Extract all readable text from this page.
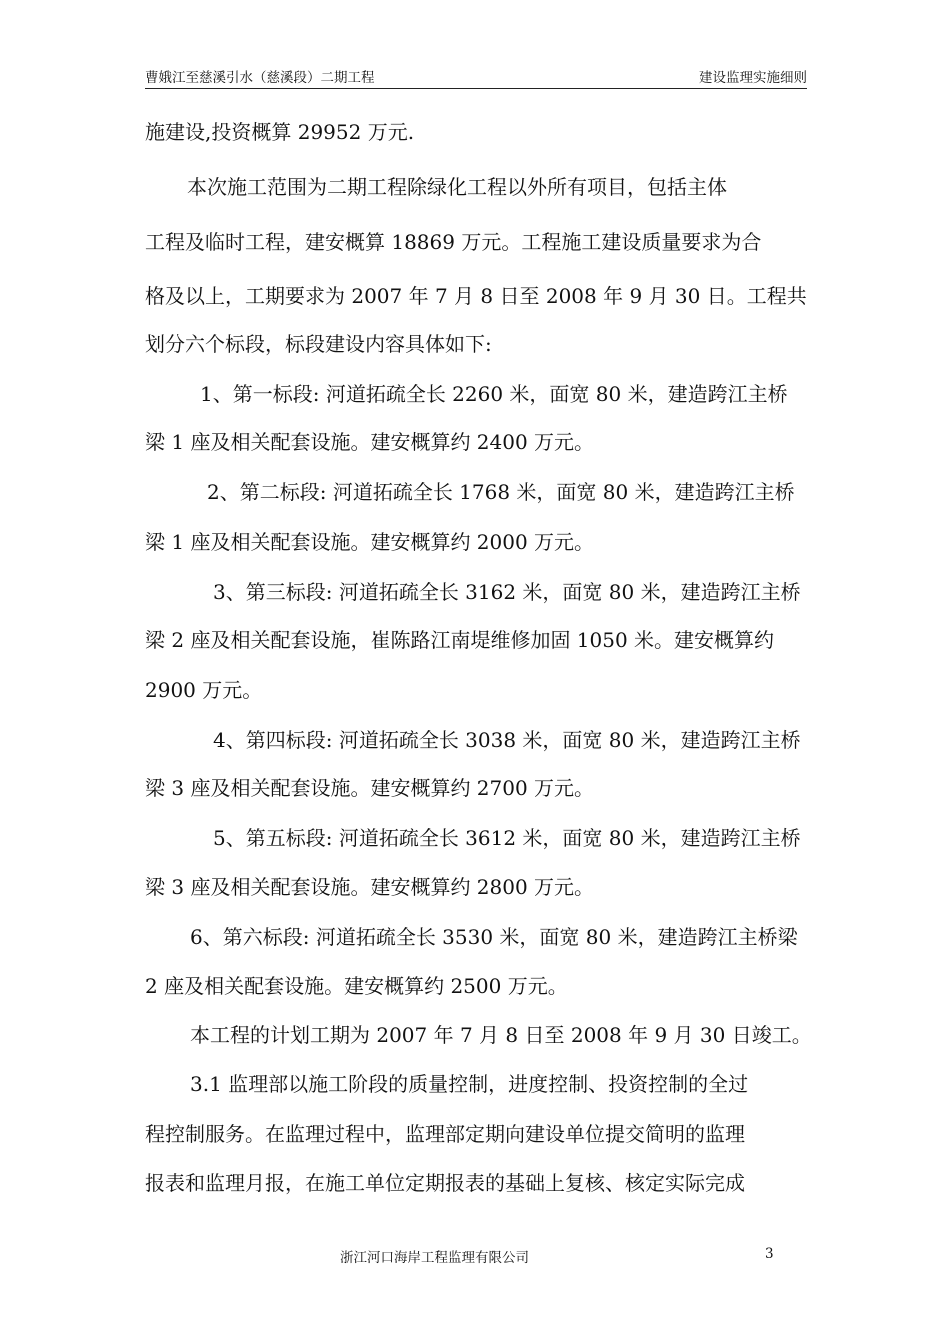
曹娥江至慈溪引水（慈溪段）二期工程	建设监理实施细则
施建设,投资概算 29952 万元.
本次施工范围为二期工程除绿化工程以外所有项目，包括主体
工程及临时工程，建安概算 18869 万元。工程施工建设质量要求为合
格及以上，工期要求为 2007 年 7 月 8 日至 2008 年 9 月 30 日。工程共
划分六个标段，标段建设内容具体如下:
1、第一标段: 河道拓疏全长 2260 米，面宽 80 米，建造跨江主桥
梁 1 座及相关配套设施。建安概算约 2400 万元。
2、第二标段: 河道拓疏全长 1768 米，面宽 80 米，建造跨江主桥
梁 1 座及相关配套设施。建安概算约 2000 万元。
3、第三标段: 河道拓疏全长 3162 米，面宽 80 米，建造跨江主桥
梁 2 座及相关配套设施，崔陈路江南堤维修加固 1050 米。建安概算约
2900 万元。
4、第四标段: 河道拓疏全长 3038 米，面宽 80 米，建造跨江主桥
梁 3 座及相关配套设施。建安概算约 2700 万元。
5、第五标段: 河道拓疏全长 3612 米，面宽 80 米，建造跨江主桥
梁 3 座及相关配套设施。建安概算约 2800 万元。
6、第六标段: 河道拓疏全长 3530 米，面宽 80 米，建造跨江主桥梁
2 座及相关配套设施。建安概算约 2500 万元。
本工程的计划工期为 2007 年 7 月 8 日至 2008 年 9 月 30 日竣工。
3.1 监理部以施工阶段的质量控制，进度控制、投资控制的全过
程控制服务。在监理过程中，监理部定期向建设单位提交简明的监理
报表和监理月报，在施工单位定期报表的基础上复核、核定实际完成
浙江河口海岸工程监理有限公司	3
